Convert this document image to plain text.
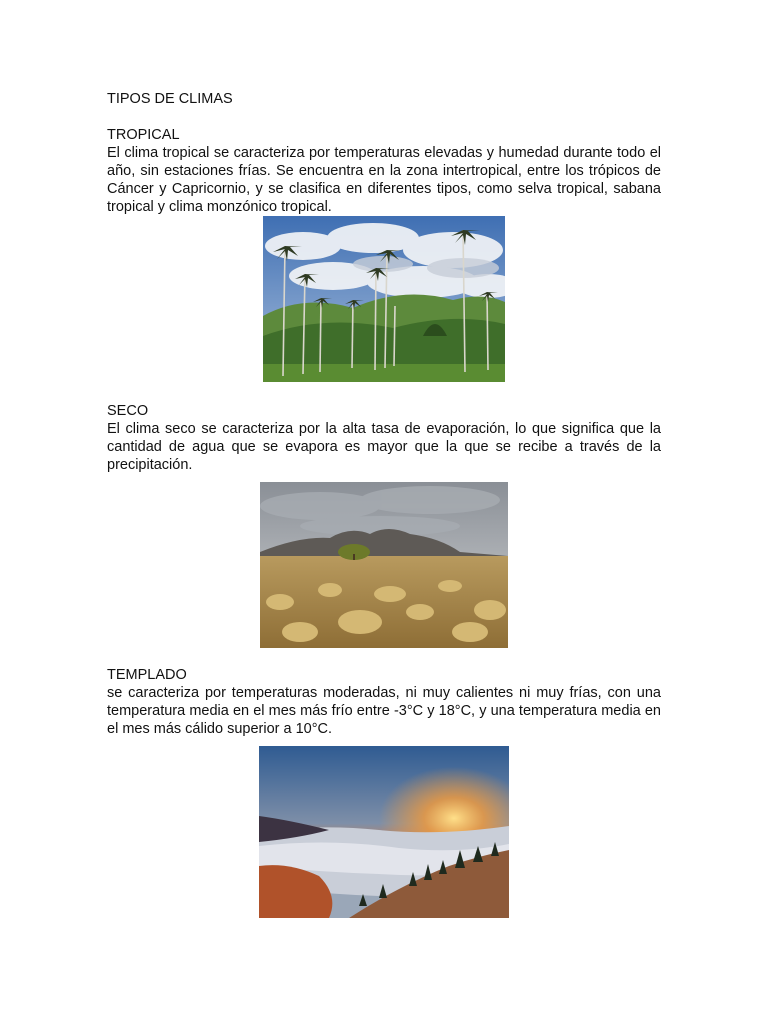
TIPOS DE CLIMAS
TROPICAL

El clima tropical se caracteriza por temperaturas elevadas y humedad durante todo el año, sin estaciones frías. Se encuentra en la zona intertropical, entre los trópicos de Cáncer y Capricornio, y se clasifica en diferentes tipos, como selva tropical, sabana tropical y clima monzónico tropical.

SECO

El clima seco se caracteriza por la alta tasa de evaporación, lo que significa que la cantidad de agua que se evapora es mayor que la que se recibe a través de la precipitación.

TEMPLADO

se caracteriza por temperaturas moderadas, ni muy calientes ni muy frías, con una temperatura media en el mes más frío entre -3°C y 18°C, y una temperatura media en el mes más cálido superior a 10°C.
